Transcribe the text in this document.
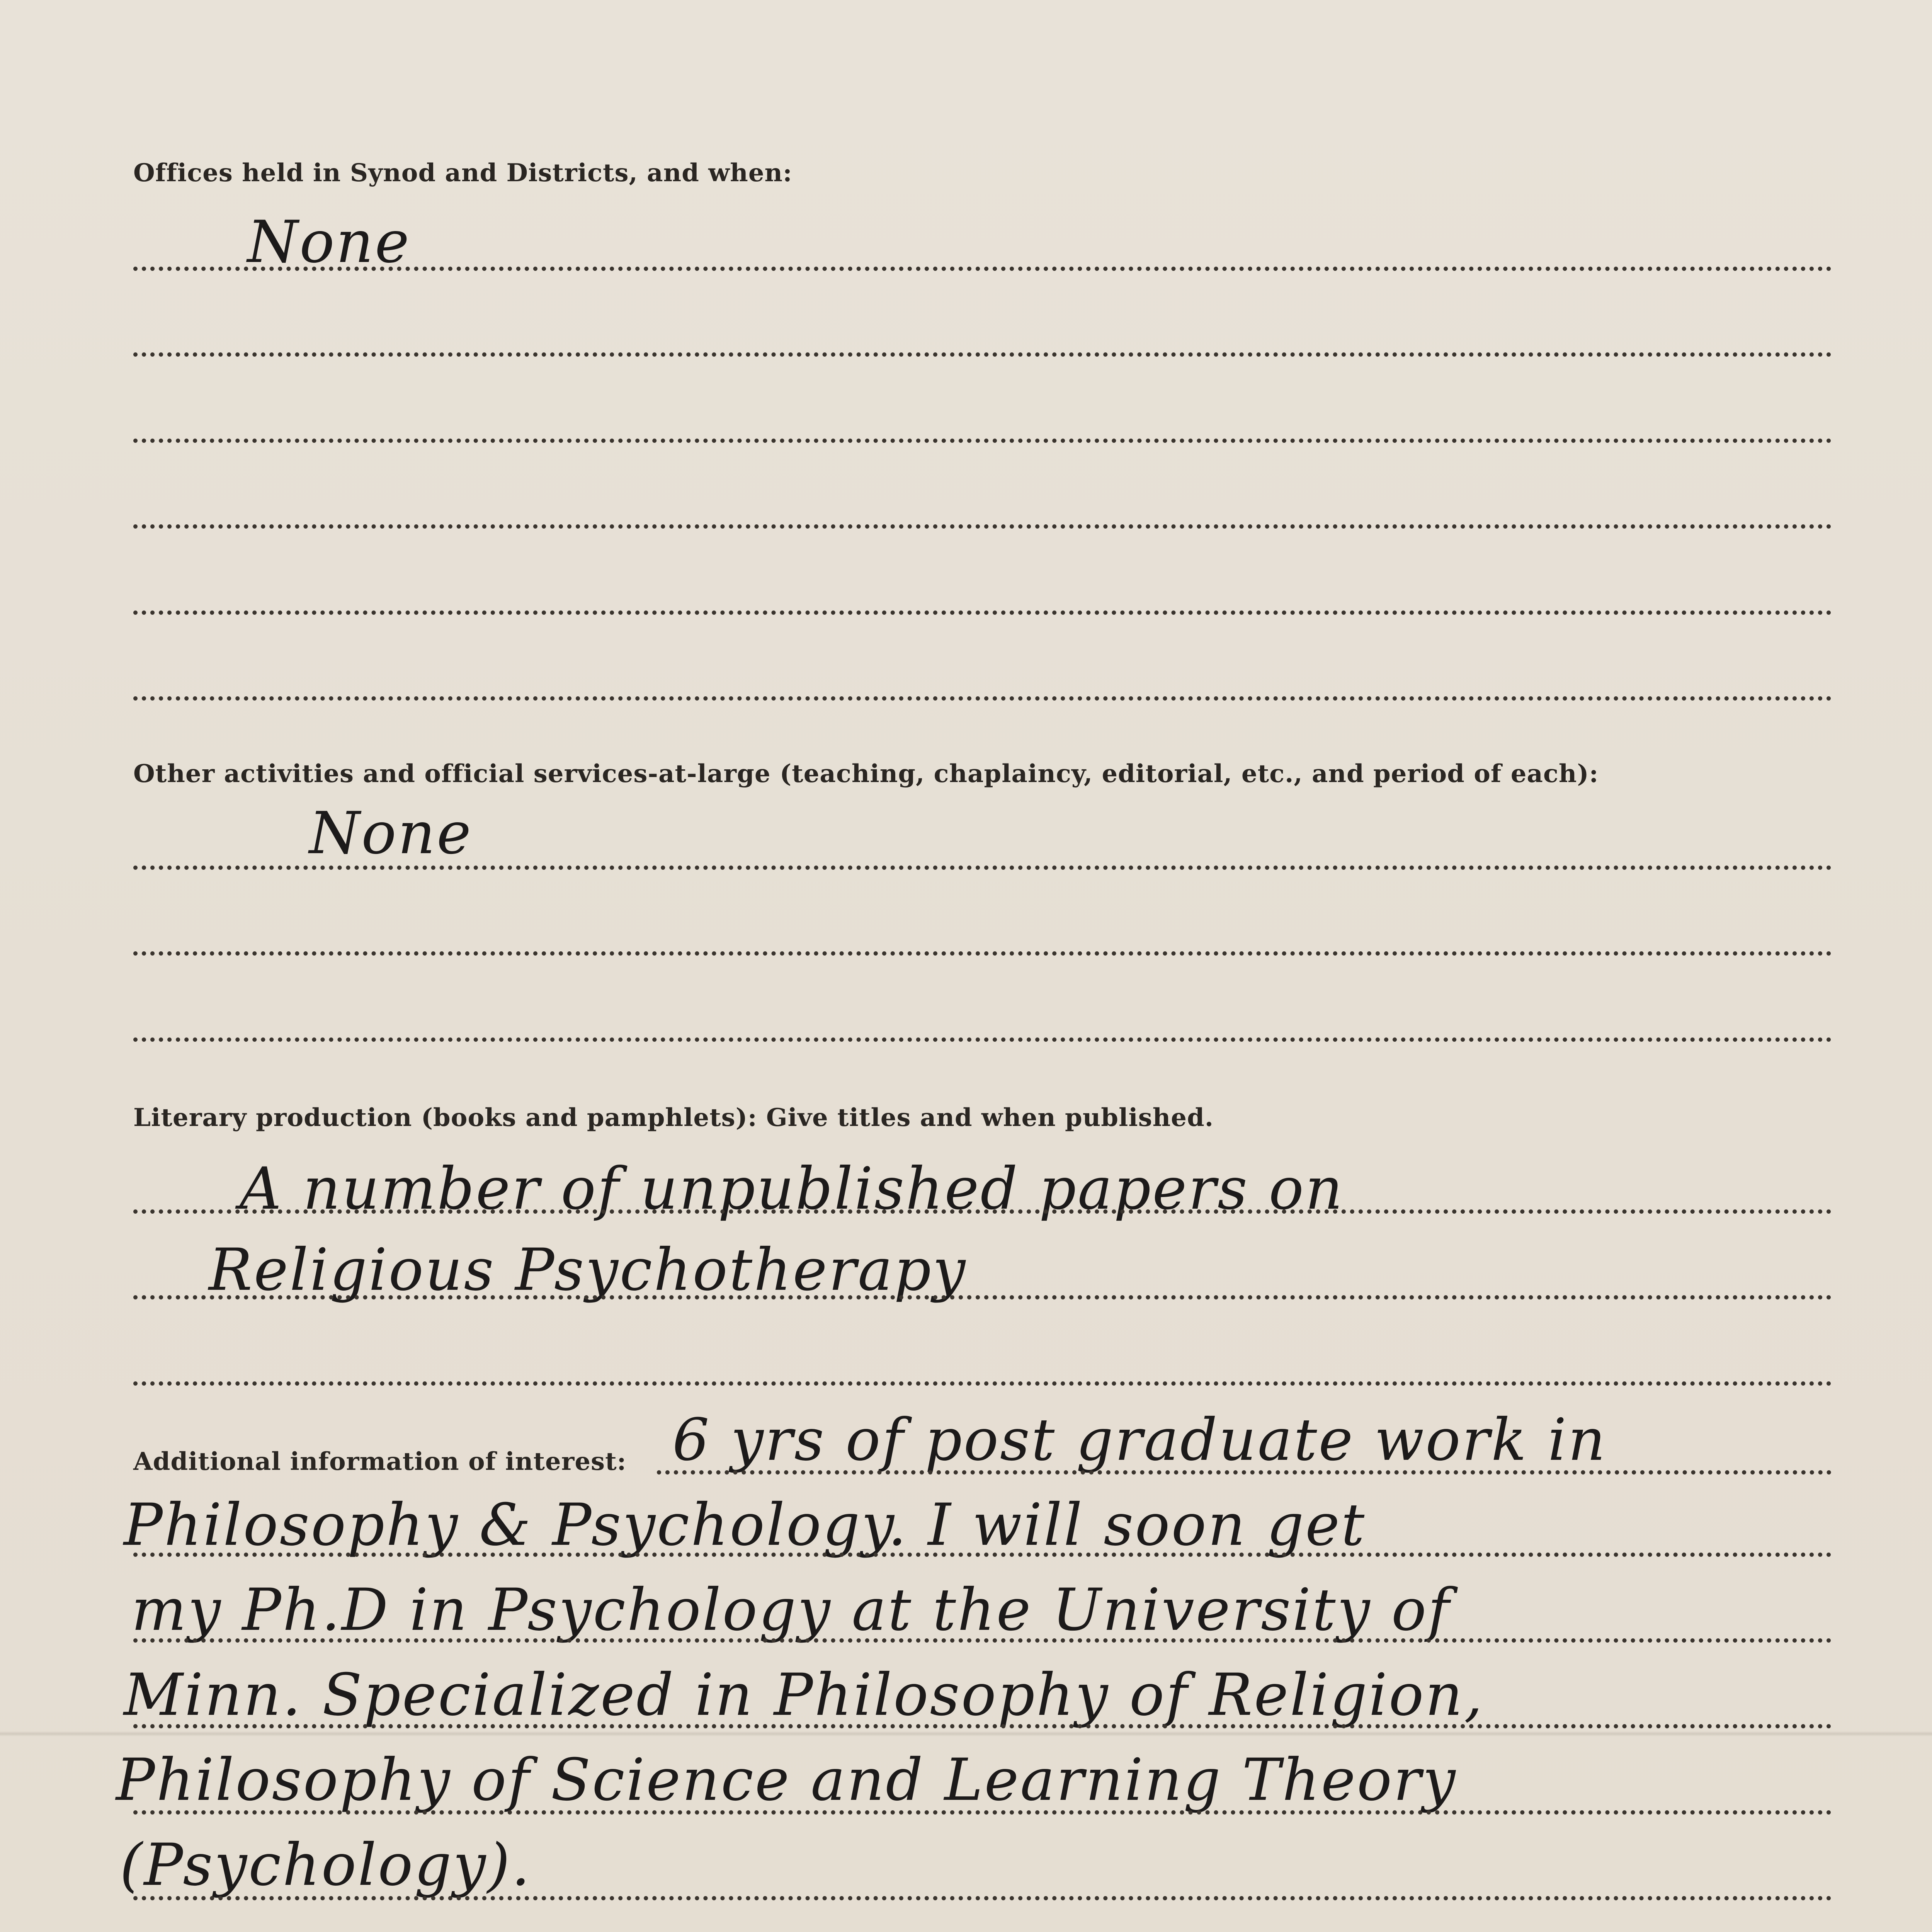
Offices held in Synod and Districts, and when:
None
Other activities and official services-at-large (teaching, chaplaincy, editorial, etc., and period of each):
None
Literary production (books and pamphlets): Give titles and when published.
A number of unpublished papers on
Religious Psychotherapy
Additional information of interest: 6 yrs of post graduate work in
Philosophy & Psychology. I will soon get
my Ph.D in Psychology at the University of
Minn. Specialized in Philosophy of Religion,
Philosophy of Science and Learning Theory
(Psychology).
